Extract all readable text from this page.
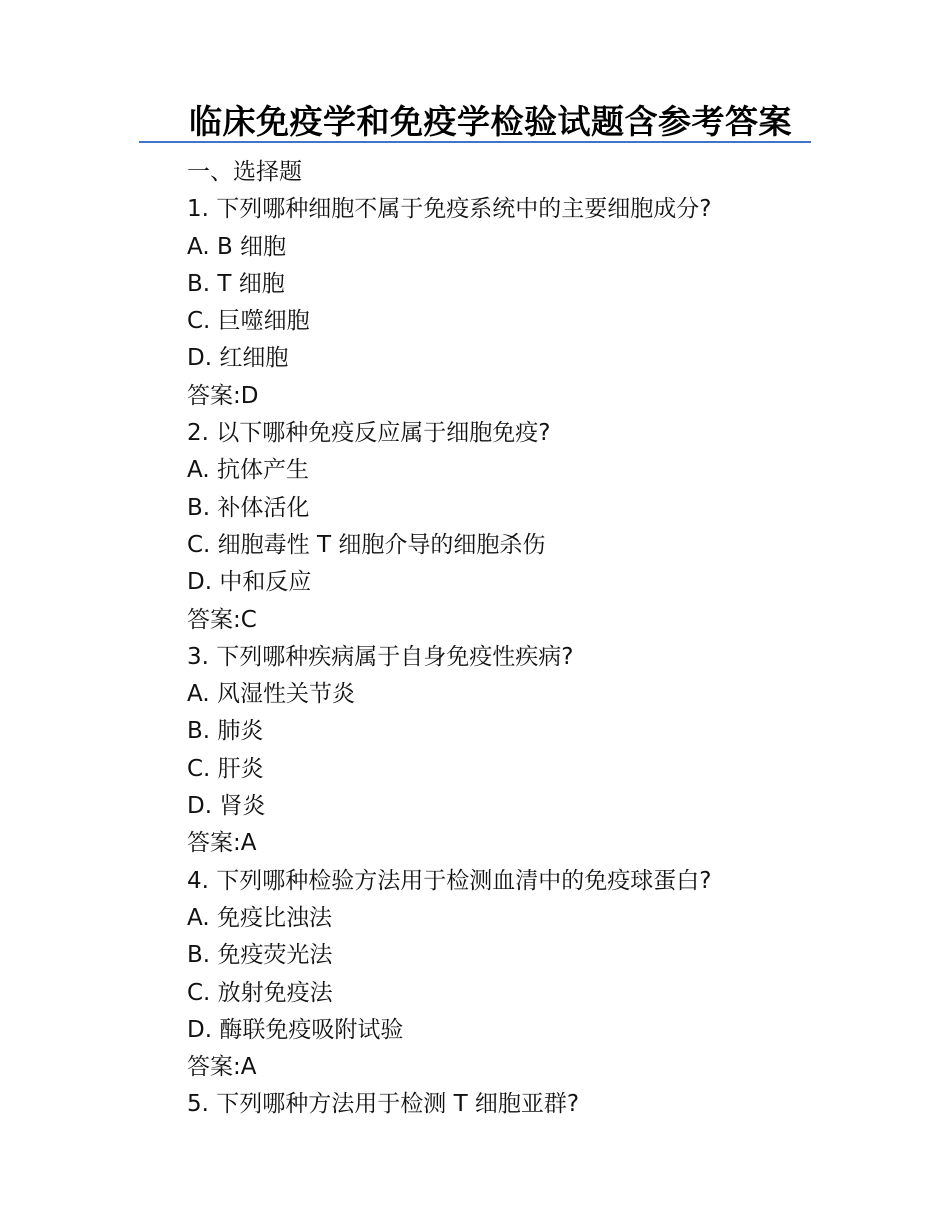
临床免疫学和免疫学检验试题含参考答案
一、选择题
1. 下列哪种细胞不属于免疫系统中的主要细胞成分?
A. B 细胞
B. T 细胞
C. 巨噬细胞
D. 红细胞
答案:D
2. 以下哪种免疫反应属于细胞免疫?
A. 抗体产生
B. 补体活化
C. 细胞毒性 T 细胞介导的细胞杀伤
D. 中和反应
答案:C
3. 下列哪种疾病属于自身免疫性疾病?
A. 风湿性关节炎
B. 肺炎
C. 肝炎
D. 肾炎
答案:A
4. 下列哪种检验方法用于检测血清中的免疫球蛋白?
A. 免疫比浊法
B. 免疫荧光法
C. 放射免疫法
D. 酶联免疫吸附试验
答案:A
5. 下列哪种方法用于检测 T 细胞亚群?
